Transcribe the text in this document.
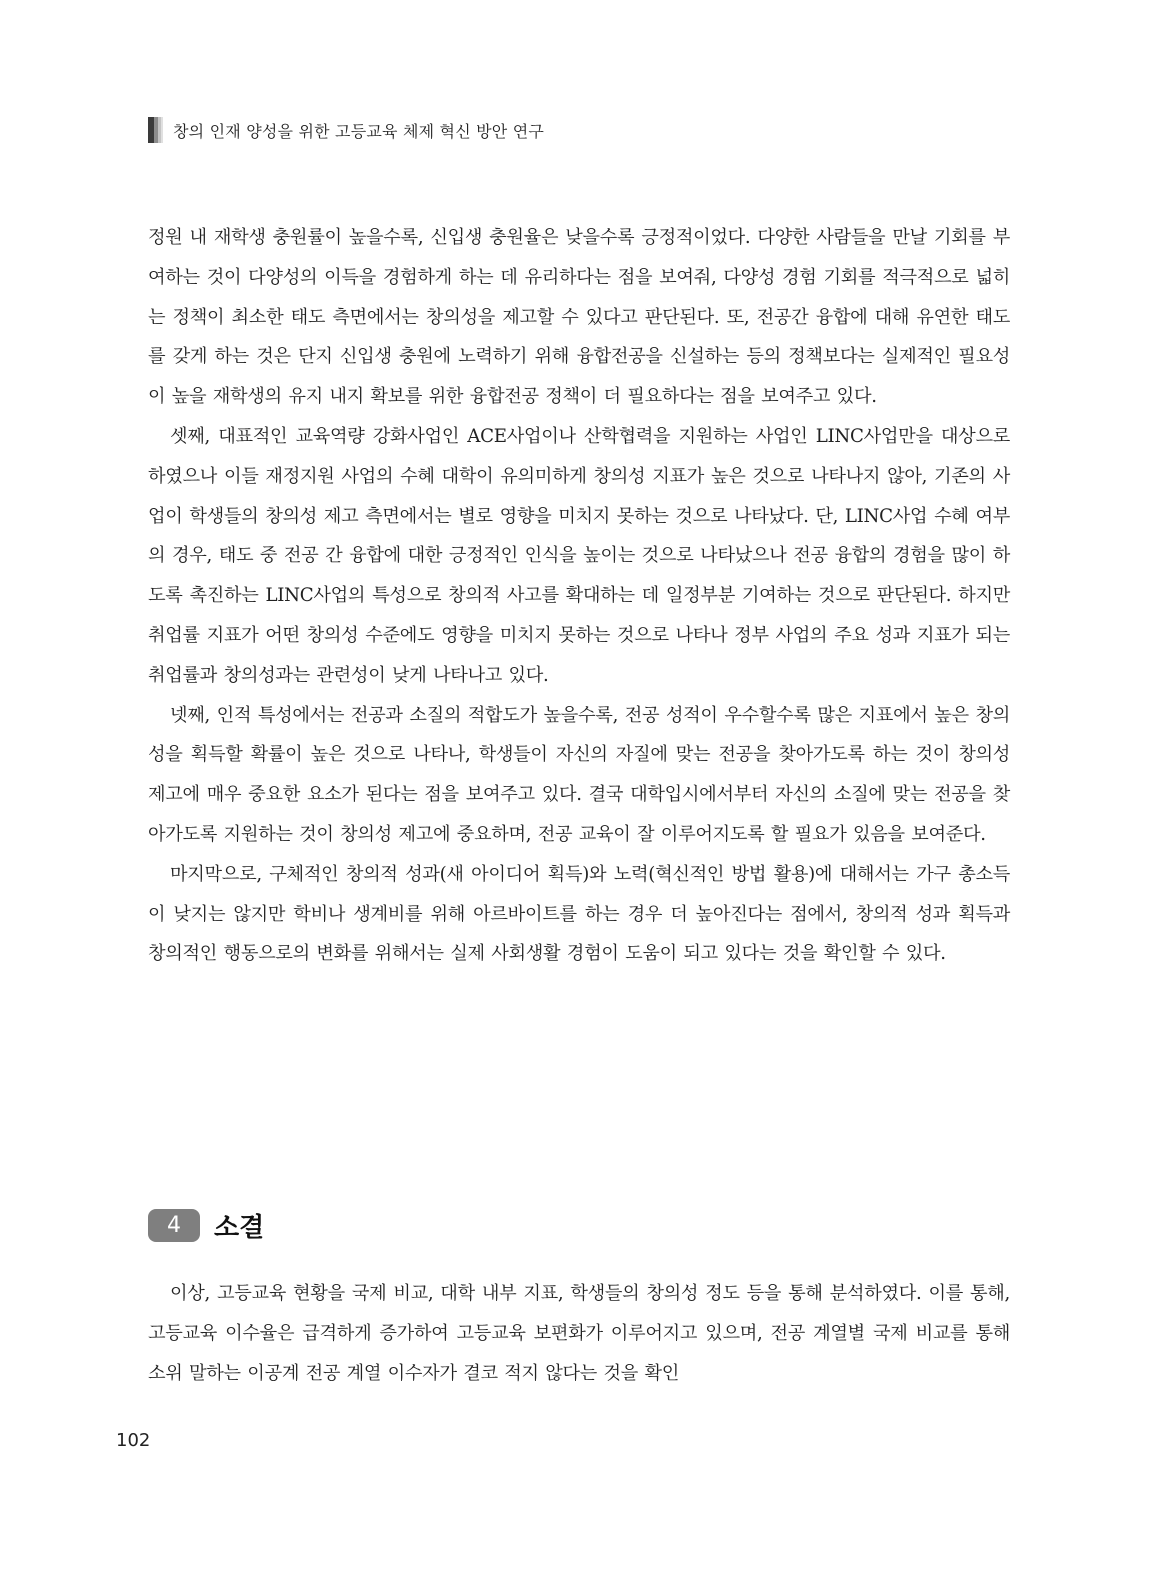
창의 인재 양성을 위한 고등교육 체제 혁신 방안 연구

정원 내 재학생 충원률이 높을수록, 신입생 충원율은 낮을수록 긍정적이었다. 다양한 사람들을 만날 기회를 부여하는 것이 다양성의 이득을 경험하게 하는 데 유리하다는 점을 보여줘, 다양성 경험 기회를 적극적으로 넓히는 정책이 최소한 태도 측면에서는 창의성을 제고할 수 있다고 판단된다. 또, 전공간 융합에 대해 유연한 태도를 갖게 하는 것은 단지 신입생 충원에 노력하기 위해 융합전공을 신설하는 등의 정책보다는 실제적인 필요성이 높을 재학생의 유지 내지 확보를 위한 융합전공 정책이 더 필요하다는 점을 보여주고 있다.

셋째, 대표적인 교육역량 강화사업인 ACE사업이나 산학협력을 지원하는 사업인 LINC사업만을 대상으로 하였으나 이들 재정지원 사업의 수혜 대학이 유의미하게 창의성 지표가 높은 것으로 나타나지 않아, 기존의 사업이 학생들의 창의성 제고 측면에서는 별로 영향을 미치지 못하는 것으로 나타났다. 단, LINC사업 수혜 여부의 경우, 태도 중 전공 간 융합에 대한 긍정적인 인식을 높이는 것으로 나타났으나 전공 융합의 경험을 많이 하도록 촉진하는 LINC사업의 특성으로 창의적 사고를 확대하는 데 일정부분 기여하는 것으로 판단된다. 하지만 취업률 지표가 어떤 창의성 수준에도 영향을 미치지 못하는 것으로 나타나 정부 사업의 주요 성과 지표가 되는 취업률과 창의성과는 관련성이 낮게 나타나고 있다.

넷째, 인적 특성에서는 전공과 소질의 적합도가 높을수록, 전공 성적이 우수할수록 많은 지표에서 높은 창의성을 획득할 확률이 높은 것으로 나타나, 학생들이 자신의 자질에 맞는 전공을 찾아가도록 하는 것이 창의성 제고에 매우 중요한 요소가 된다는 점을 보여주고 있다. 결국 대학입시에서부터 자신의 소질에 맞는 전공을 찾아가도록 지원하는 것이 창의성 제고에 중요하며, 전공 교육이 잘 이루어지도록 할 필요가 있음을 보여준다.

마지막으로, 구체적인 창의적 성과(새 아이디어 획득)와 노력(혁신적인 방법 활용)에 대해서는 가구 총소득이 낮지는 않지만 학비나 생계비를 위해 아르바이트를 하는 경우 더 높아진다는 점에서, 창의적 성과 획득과 창의적인 행동으로의 변화를 위해서는 실제 사회생활 경험이 도움이 되고 있다는 것을 확인할 수 있다.

4	소결

이상, 고등교육 현황을 국제 비교, 대학 내부 지표, 학생들의 창의성 정도 등을 통해 분석하였다. 이를 통해, 고등교육 이수율은 급격하게 증가하여 고등교육 보편화가 이루어지고 있으며, 전공 계열별 국제 비교를 통해 소위 말하는 이공계 전공 계열 이수자가 결코 적지 않다는 것을 확인

102
